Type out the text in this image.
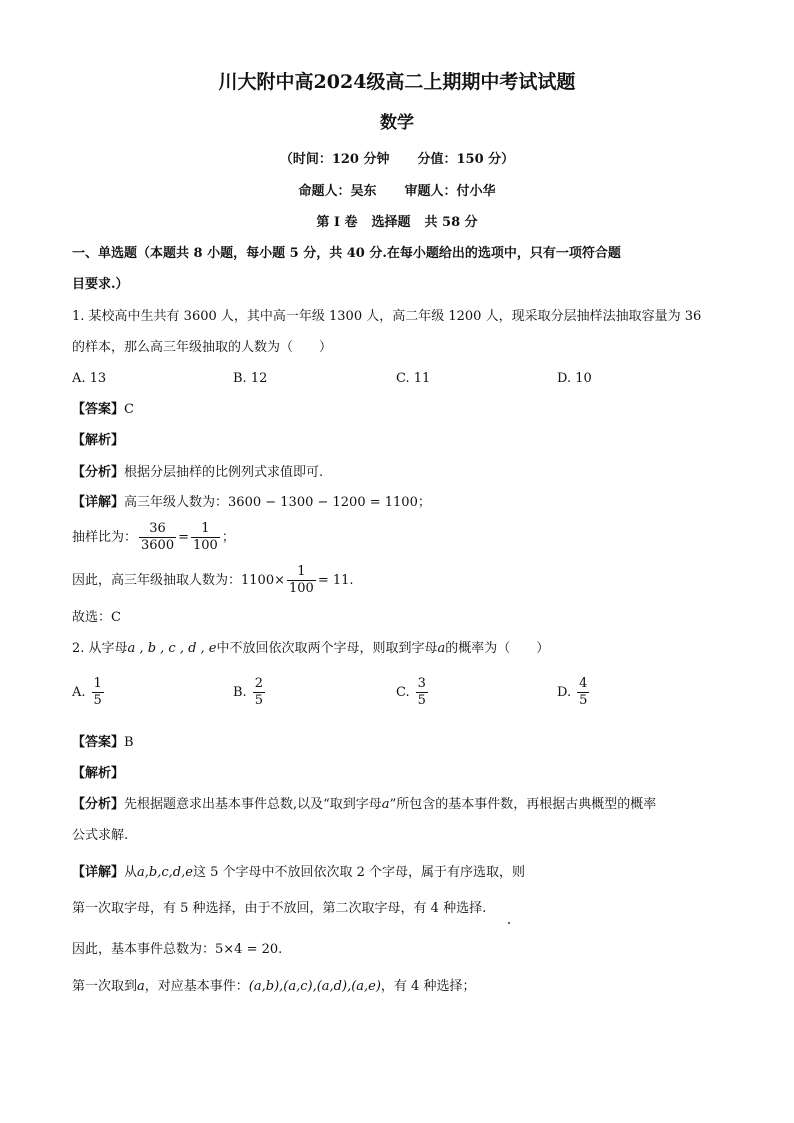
川大附中高2024级高二上期期中考试试题
数学
（时间：120 分钟 分值：150 分）
命题人：吴东 审题人：付小华
第 I 卷 选择题 共 58 分
一、单选题（本题共 8 小题，每小题 5 分，共 40 分.在每小题给出的选项中，只有一项符合题
目要求.）
1. 某校高中生共有 3600 人，其中高一年级 1300 人，高二年级 1200 人，现采取分层抽样法抽取容量为 36
的样本，那么高三年级抽取的人数为（　　）
A. 13	B. 12	C. 11	D. 10
【答案】C
【解析】
【分析】根据分层抽样的比例列式求值即可.
【详解】高三年级人数为：3600 − 1300 − 1200 = 1100；
抽样比为： $\frac{36}{3600} = \frac{1}{100}$ ；
因此，高三年级抽取人数为：$1100\times \frac{1}{100} = 11$.
故选：C
2. 从字母a , b , c , d , e中不放回依次取两个字母，则取到字母a的概率为（　　）
A. $\frac{1}{5}$	B. $\frac{2}{5}$	C. $\frac{3}{5}$	D. $\frac{4}{5}$
【答案】B
【解析】
【分析】先根据题意求出基本事件总数,以及“取到字母a”所包含的基本事件数，再根据古典概型的概率
公式求解.
【详解】从a,b,c,d,e这 5 个字母中不放回依次取 2 个字母，属于有序选取，则
第一次取字母，有 5 种选择，由于不放回，第二次取字母，有 4 种选择.
因此，基本事件总数为：5×4 = 20.
第一次取到a，对应基本事件：(a,b),(a,c),(a,d),(a,e)，有 4 种选择；
